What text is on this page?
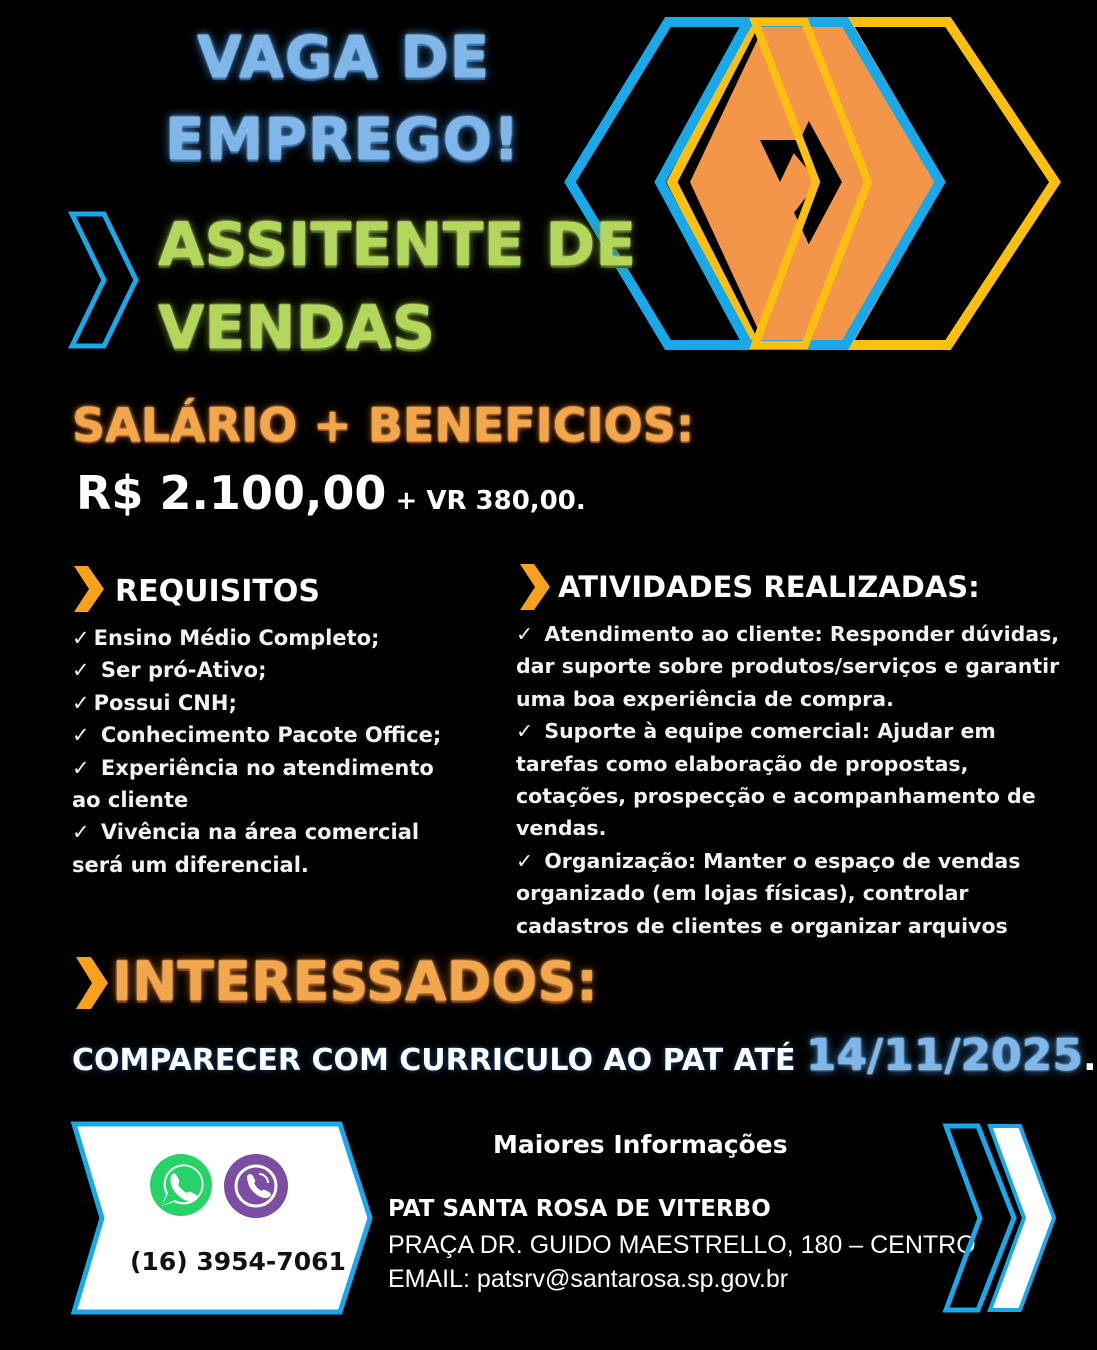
VAGA DE
EMPREGO!
ASSITENTE DE
VENDAS
SALÁRIO + BENEFICIOS:
R$ 2.100,00 + VR 380,00.
REQUISITOS
✓ Ensino Médio Completo;
✓ Ser pró-Ativo;
✓ Possui CNH;
✓ Conhecimento Pacote Office;
✓ Experiência no atendimento ao cliente
✓ Vivência na área comercial será um diferencial.
ATIVIDADES REALIZADAS:
✓ Atendimento ao cliente: Responder dúvidas, dar suporte sobre produtos/serviços e garantir uma boa experiência de compra.
✓ Suporte à equipe comercial: Ajudar em tarefas como elaboração de propostas, cotações, prospecção e acompanhamento de vendas.
✓ Organização: Manter o espaço de vendas organizado (em lojas físicas), controlar cadastros de clientes e organizar arquivos
INTERESSADOS:
COMPARECER COM CURRICULO AO PAT ATÉ 14/11/2025.
(16) 3954-7061
Maiores Informações
PAT SANTA ROSA DE VITERBO
PRAÇA DR. GUIDO MAESTRELLO, 180 – CENTRO
EMAIL: patsrv@santarosa.sp.gov.br
